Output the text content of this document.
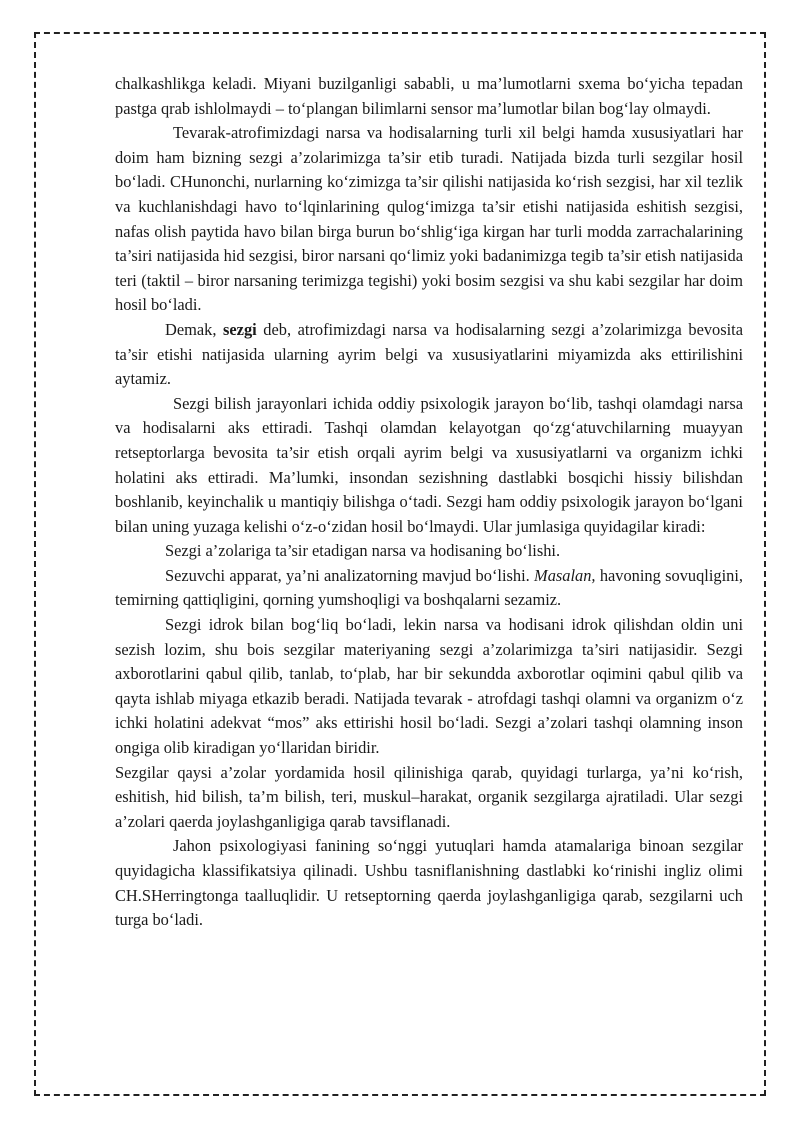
chalkashlikga keladi. Miyani buzilganligi sababli, u ma’lumotlarni sxema bo‘yicha tepadan pastga qrab ishlolmaydi – to‘plangan bilimlarni sensor ma’lumotlar bilan bog‘lay olmaydi.

Tevarak-atrofimizdagi narsa va hodisalarning turli xil belgi hamda xususiyatlari har doim ham bizning sezgi a’zolarimizga ta’sir etib turadi. Natijada bizda turli sezgilar hosil bo‘ladi. CHunonchi, nurlarning ko‘zimizga ta’sir qilishi natijasida ko‘rish sezgisi, har xil tezlik va kuchlanishdagi havo to‘lqinlarining qulog‘imizga ta’sir etishi natijasida eshitish sezgisi, nafas olish paytida havo bilan birga burun bo‘shlig‘iga kirgan har turli modda zarrachalarining ta’siri natijasida hid sezgisi, biror narsani qo‘limiz yoki badanimizga tegib ta’sir etish natijasida teri (taktil – biror narsaning terimizga tegishi) yoki bosim sezgisi va shu kabi sezgilar har doim hosil bo‘ladi.

Demak, sezgi deb, atrofimizdagi narsa va hodisalarning sezgi a’zolarimizga bevosita ta’sir etishi natijasida ularning ayrim belgi va xususiyatlarini miyamizda aks ettirilishini aytamiz.

Sezgi bilish jarayonlari ichida oddiy psixologik jarayon bo‘lib, tashqi olamdagi narsa va hodisalarni aks ettiradi. Tashqi olamdan kelayotgan qo‘zg‘atuvchilarning muayyan retseptorlarga bevosita ta’sir etish orqali ayrim belgi va xususiyatlarni va organizm ichki holatini aks ettiradi. Ma’lumki, insondan sezishning dastlabki bosqichi hissiy bilishdan boshlanib, keyinchalik u mantiqiy bilishga o‘tadi. Sezgi ham oddiy psixologik jarayon bo‘lgani bilan uning yuzaga kelishi o‘z-o‘zidan hosil bo‘lmaydi. Ular jumlasiga quyidagilar kiradi:

Sezgi a’zolariga ta’sir etadigan narsa va hodisaning bo‘lishi.

Sezuvchi apparat, ya’ni analizatorning mavjud bo‘lishi. Masalan, havoning sovuqligini, temirning qattiqligini, qorning yumshoqligi va boshqalarni sezamiz.

Sezgi idrok bilan bog‘liq bo‘ladi, lekin narsa va hodisani idrok qilishdan oldin uni sezish lozim, shu bois sezgilar materiyaning sezgi a’zolarimizga ta’siri natijasidir. Sezgi axborotlarini qabul qilib, tanlab, to‘plab, har bir sekundda axborotlar oqimini qabul qilib va qayta ishlab miyaga etkazib beradi. Natijada tevarak - atrofdagi tashqi olamni va organizm o‘z ichki holatini adekvat “mos” aks ettirishi hosil bo‘ladi. Sezgi a’zolari tashqi olamning inson ongiga olib kiradigan yo‘llaridan biridir.

Sezgilar qaysi a’zolar yordamida hosil qilinishiga qarab, quyidagi turlarga, ya’ni ko‘rish, eshitish, hid bilish, ta’m bilish, teri, muskul–harakat, organik sezgilarga ajratiladi. Ular sezgi a’zolari qaerda joylashganligiga qarab tavsiflanadi.

Jahon psixologiyasi fanining so‘nggi yutuqlari hamda atamalariga binoan sezgilar quyidagicha klassifikatsiya qilinadi. Ushbu tasniflanishning dastlabki ko‘rinishi ingliz olimi CH.SHerringtonga taalluqlidir. U retseptorning qaerda joylashganligiga qarab, sezgilarni uch turga bo‘ladi.
